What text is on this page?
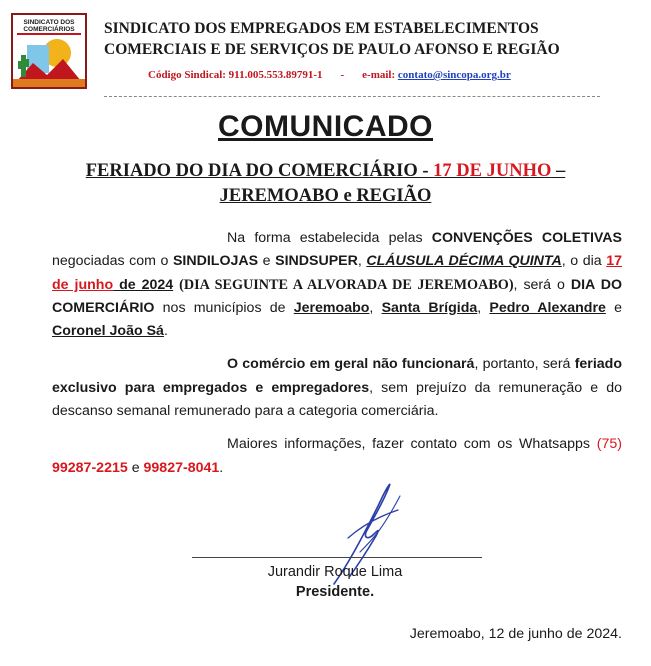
SINDICATO DOS
COMERCIÁRIOS SINDICATO DOS EMPREGADOS EM ESTABELECIMENTOS
COMERCIAIS E DE SERVIÇOS DE PAULO AFONSO E REGIÃO
Código Sindical: 911.005.553.89791-1 - e-mail: contato@sincopa.org.br
COMUNICADO
FERIADO DO DIA DO COMERCIÁRIO - 17 DE JUNHO –
JEREMOABO e REGIÃO

Na forma estabelecida pelas CONVENÇÕES COLETIVAS negociadas com o SINDILOJAS e SINDSUPER, CLÁUSULA DÉCIMA QUINTA, o dia 17 de junho de 2024 (DIA SEGUINTE A ALVORADA DE JEREMOABO), será o DIA DO COMERCIÁRIO nos municípios de Jeremoabo, Santa Brígida, Pedro Alexandre e Coronel João Sá.

O comércio em geral não funcionará, portanto, será feriado exclusivo para empregados e empregadores, sem prejuízo da remuneração e do descanso semanal remunerado para a categoria comerciária.

Maiores informações, fazer contato com os Whatsapps (75) 99287-2215 e 99827-8041.

Jurandir Roque Lima
Presidente.
Jeremoabo, 12 de junho de 2024.
